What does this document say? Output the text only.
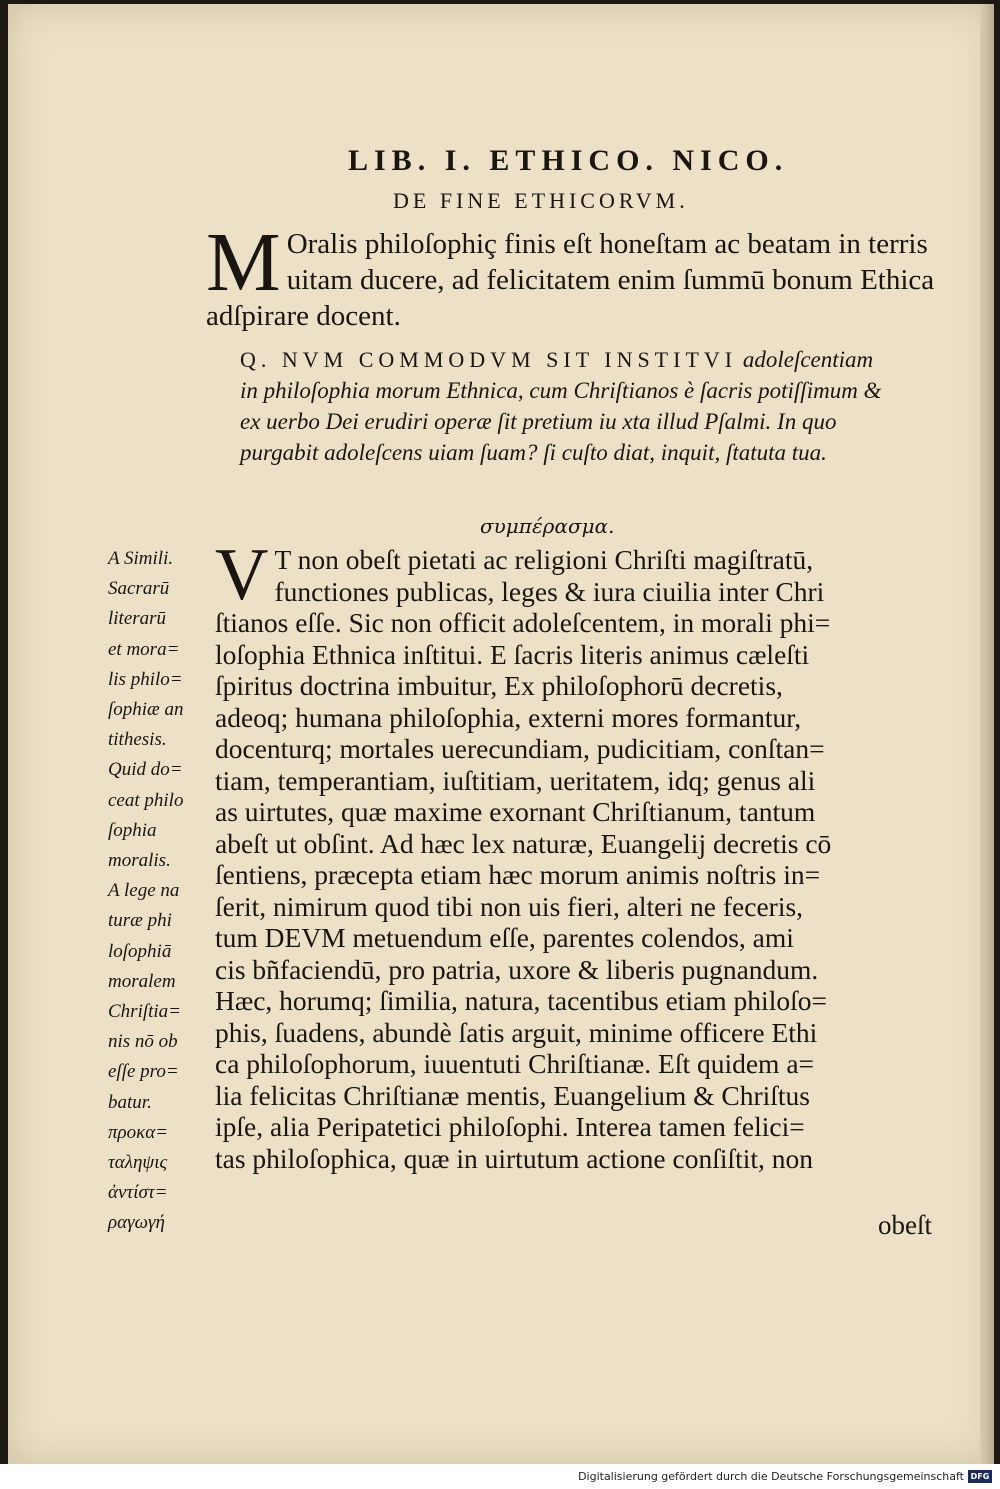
LIB. I. ETHICO. NICO.
DE FINE ETHICORVM.
M Oralis philoſophiç finis eſt honeſtam ac beatam in terris uitam ducere, ad felicitatem enim ſummū bonum Ethica adſpirare docent.
Q. NVM COMMODVM SIT INSTITVI adoleſcentiam in philoſophia morum Ethnica, cum Chriſtianos è ſacris potiſſimum & ex uerbo Dei erudiri operæ ſit pretium iu xta illud Pſalmi. In quo purgabit adoleſcens uiam ſuam? ſi cuſto diat, inquit, ſtatuta tua.
συμπέρασμα.
A Simili.
Sacrarū
literarū
et mora=
lis philo=
ſophiæ an
tithesis.
Quid do=
ceat philo
ſophia
moralis.
A lege na
turæ phi
loſophiā
moralem
Chriſtia=
nis nō ob
eſſe pro=
batur.
προκα=
ταληψις
ἀντίστ=
ραγωγή
V T non obeſt pietati ac religioni Chriſti magiſtratū,
functiones publicas, leges & iura ciuilia inter Chri
ſtianos eſſe. Sic non officit adoleſcentem, in morali phi=
loſophia Ethnica inſtitui. E ſacris literis animus cæleſti
ſpiritus doctrina imbuitur, Ex philoſophorū decretis,
adeoq; humana philoſophia, externi mores formantur,
docenturq; mortales uerecundiam, pudicitiam, conſtan=
tiam, temperantiam, iuſtitiam, ueritatem, idq; genus ali
as uirtutes, quæ maxime exornant Chriſtianum, tantum
abeſt ut obſint. Ad hæc lex naturæ, Euangelij decretis cō
ſentiens, præcepta etiam hæc morum animis noſtris in=
ſerit, nimirum quod tibi non uis fieri, alteri ne feceris,
tum DEVM metuendum eſſe, parentes colendos, ami
cis bñfaciendū, pro patria, uxore & liberis pugnandum.
Hæc, horumq; ſimilia, natura, tacentibus etiam philoſo=
phis, ſuadens, abundè ſatis arguit, minime officere Ethi
ca philoſophorum, iuuentuti Chriſtianæ. Eſt quidem a=
lia felicitas Chriſtianæ mentis, Euangelium & Chriſtus
ipſe, alia Peripatetici philoſophi. Interea tamen felici=
tas philoſophica, quæ in uirtutum actione conſiſtit, non
obeſt
Digitalisierung gefördert durch die Deutsche Forschungsgemeinschaft DFG
